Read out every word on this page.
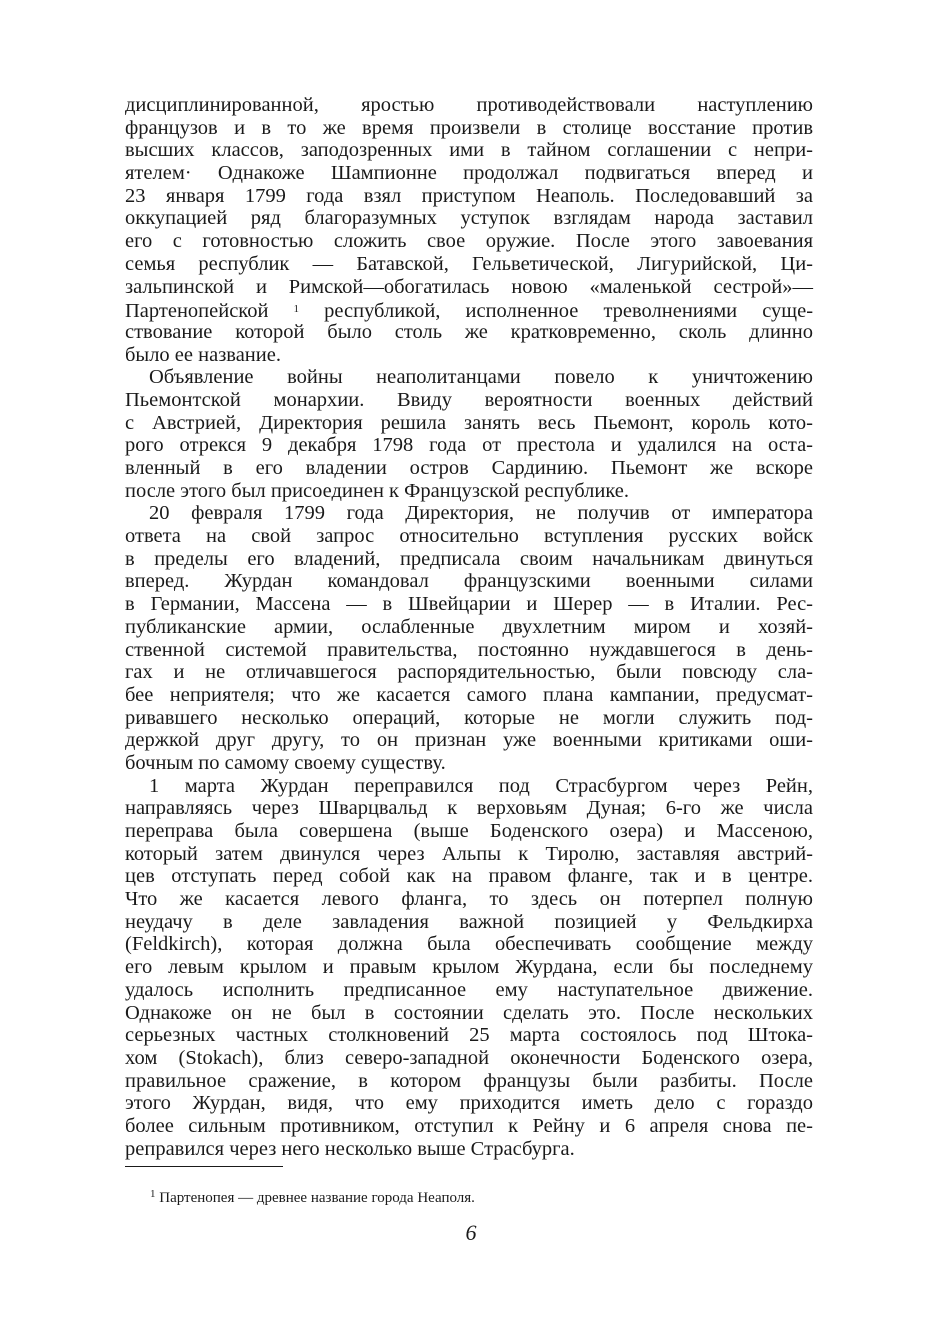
дисциплинированной, яростью противодействовали наступлению
французов и в то же время произвели в столице восстание против
высших классов, заподозренных ими в тайном соглашении с непри-
ятелем· Однакоже Шампионне продолжал подвигаться вперед и
23 января 1799 года взял приступом Неаполь. Последовавший за
оккупацией ряд благоразумных уступок взглядам народа заставил
его с готовностью сложить свое оружие. После этого завоевания
семья республик — Батавской, Гельветической, Лигурийской, Ци-
зальпинской и Римской—обогатилась новою «маленькой сестрой»—
Партенопейской $^1$ республикой, исполненное треволнениями суще-
ствование которой было столь же кратковременно, сколь длинно
было ее название.
Объявление войны неаполитанцами повело к уничтожению
Пьемонтской монархии. Ввиду вероятности военных действий
с Австрией, Директория решила занять весь Пьемонт, король кото-
рого отрекся 9 декабря 1798 года от престола и удалился на оста-
вленный в его владении остров Сардинию. Пьемонт же вскоре
после этого был присоединен к Французской республике.
20 февраля 1799 года Директория, не получив от императора
ответа на свой запрос относительно вступления русских войск
в пределы его владений, предписала своим начальникам двинуться
вперед. Журдан командовал французскими военными силами
в Германии, Массена — в Швейцарии и Шерер — в Италии. Рес-
публиканские армии, ослабленные двухлетним миром и хозяй-
ственной системой правительства, постоянно нуждавшегося в день-
гах и не отличавшегося распорядительностью, были повсюду сла-
бее неприятеля; что же касается самого плана кампании, предусмат-
ривавшего несколько операций, которые не могли служить под-
держкой друг другу, то он признан уже военными критиками оши-
бочным по самому своему существу.
1 марта Журдан переправился под Страсбургом через Рейн,
направляясь через Шварцвальд к верховьям Дуная; 6-го же числа
переправа была совершена (выше Боденского озера) и Массеною,
который затем двинулся через Альпы к Тиролю, заставляя австрий-
цев отступать перед собой как на правом фланге, так и в центре.
Что же касается левого фланга, то здесь он потерпел полную
неудачу в деле завладения важной позицией у Фельдкирха
(Feldkirch), которая должна была обеспечивать сообщение между
его левым крылом и правым крылом Журдана, если бы последнему
удалось исполнить предписанное ему наступательное движение.
Однакоже он не был в состоянии сделать это. После нескольких
серьезных частных столкновений 25 марта состоялось под Штока-
хом (Stokach), близ северо-западной оконечности Боденского озера,
правильное сражение, в котором французы были разбиты. После
этого Журдан, видя, что ему приходится иметь дело с гораздо
более сильным противником, отступил к Рейну и 6 апреля снова пе-
реправился через него несколько выше Страсбурга.
$^1$ Партенопея — древнее название города Неаполя.
6
